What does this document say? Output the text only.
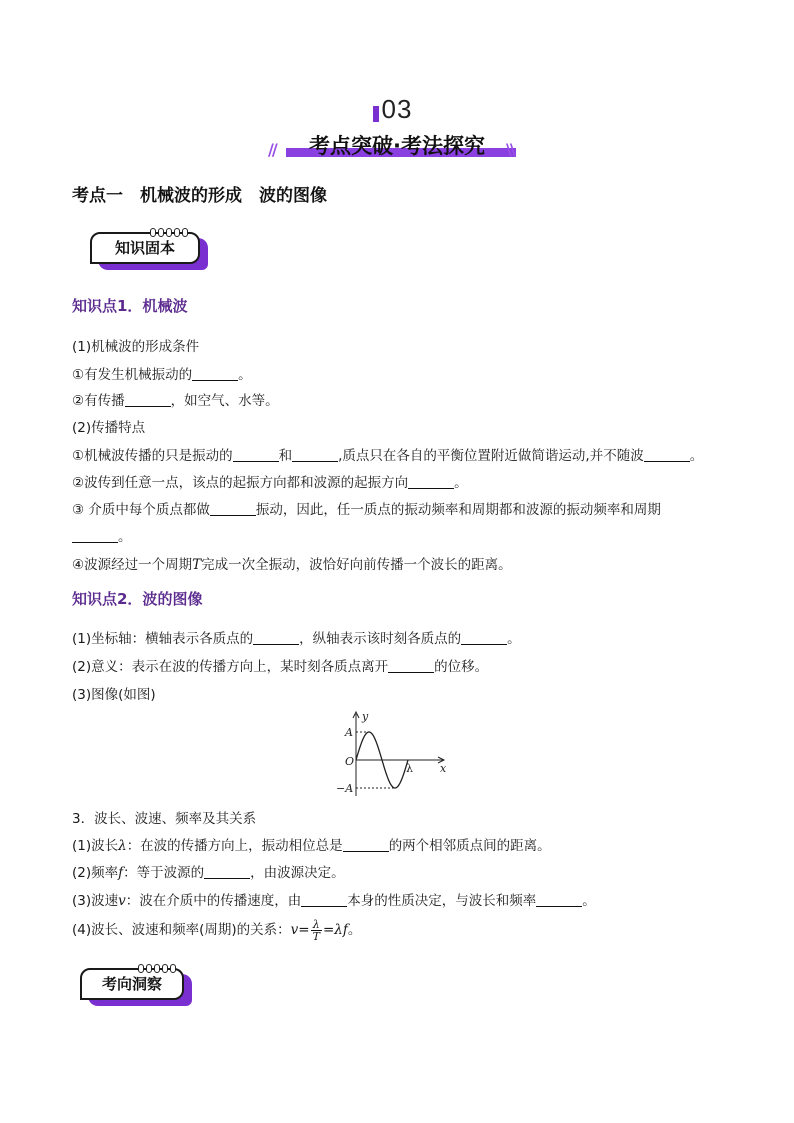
03
考点突破·考法探究
//	\\
考点一　机械波的形成　波的图像
知识固本
知识点1．机械波
(1)机械波的形成条件
①有发生机械振动的	。
②有传播	，如空气、水等。
(2)传播特点
①机械波传播的只是振动的	和	,质点只在各自的平衡位置附近做简谐运动,并不随波	。
②波传到任意一点，该点的起振方向都和波源的起振方向	。
③ 介质中每个质点都做	振动，因此，任一质点的振动频率和周期都和波源的振动频率和周期
。
④波源经过一个周期T完成一次全振动，波恰好向前传播一个波长的距离。
知识点2．波的图像
(1)坐标轴：横轴表示各质点的	，纵轴表示该时刻各质点的	。
(2)意义：表示在波的传播方向上，某时刻各质点离开	的位移。
(3)图像(如图)
y
x
A
O
−A
λ
3．波长、波速、频率及其关系
(1)波长λ：在波的传播方向上，振动相位总是	的两个相邻质点间的距离。
(2)频率f：等于波源的	，由波源决定。
(3)波速v：波在介质中的传播速度，由	本身的性质决定，与波长和频率	。
(4)波长、波速和频率(周期)的关系：$v= \frac{\lambda}{T} =\lambda f$。
考向洞察
